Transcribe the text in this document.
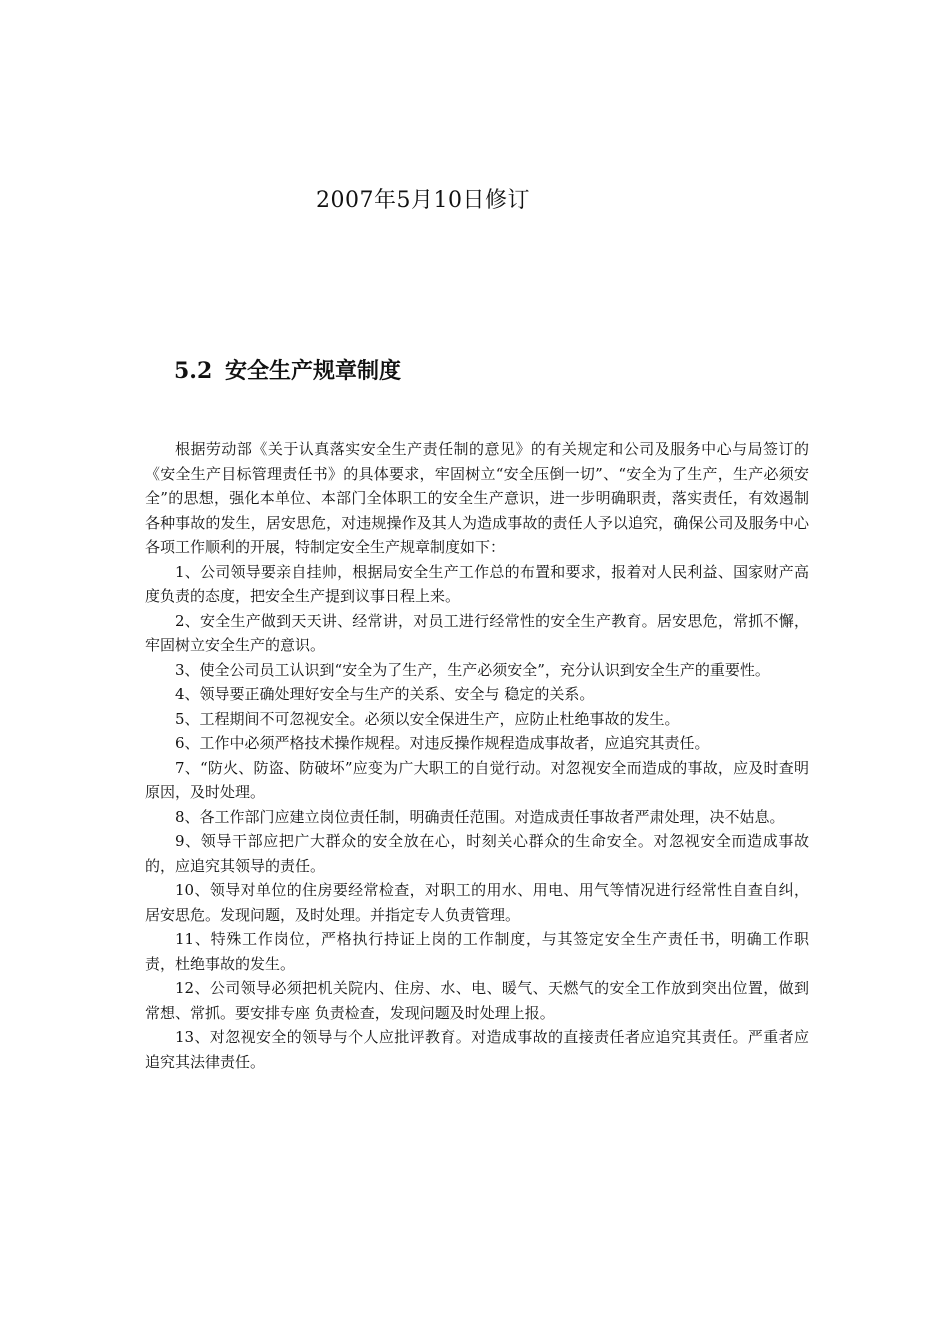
2007年5月10日修订
5.2 安全生产规章制度

根据劳动部《关于认真落实安全生产责任制的意见》的有关规定和公司及服务中心与局签订的《安全生产目标管理责任书》的具体要求，牢固树立“安全压倒一切”、“安全为了生产，生产必须安全”的思想，强化本单位、本部门全体职工的安全生产意识，进一步明确职责，落实责任，有效遏制各种事故的发生，居安思危，对违规操作及其人为造成事故的责任人予以追究，确保公司及服务中心各项工作顺利的开展，特制定安全生产规章制度如下：

1、公司领导要亲自挂帅，根据局安全生产工作总的布置和要求，报着对人民利益、国家财产高度负责的态度，把安全生产提到议事日程上来。

2、安全生产做到天天讲、经常讲，对员工进行经常性的安全生产教育。居安思危，常抓不懈，牢固树立安全生产的意识。

3、使全公司员工认识到“安全为了生产，生产必须安全”，充分认识到安全生产的重要性。

4、领导要正确处理好安全与生产的关系、安全与 稳定的关系。

5、工程期间不可忽视安全。必须以安全保进生产，应防止杜绝事故的发生。

6、工作中必须严格技术操作规程。对违反操作规程造成事故者，应追究其责任。

7、“防火、防盗、防破坏”应变为广大职工的自觉行动。对忽视安全而造成的事故，应及时查明原因，及时处理。

8、各工作部门应建立岗位责任制，明确责任范围。对造成责任事故者严肃处理，决不姑息。

9、领导干部应把广大群众的安全放在心，时刻关心群众的生命安全。对忽视安全而造成事故的，应追究其领导的责任。

10、领导对单位的住房要经常检查，对职工的用水、用电、用气等情况进行经常性自查自纠，居安思危。发现问题，及时处理。并指定专人负责管理。

11、特殊工作岗位，严格执行持证上岗的工作制度，与其签定安全生产责任书，明确工作职责，杜绝事故的发生。

12、公司领导必须把机关院内、住房、水、电、暖气、天燃气的安全工作放到突出位置，做到常想、常抓。要安排专座 负责检查，发现问题及时处理上报。

13、对忽视安全的领导与个人应批评教育。对造成事故的直接责任者应追究其责任。严重者应追究其法律责任。
